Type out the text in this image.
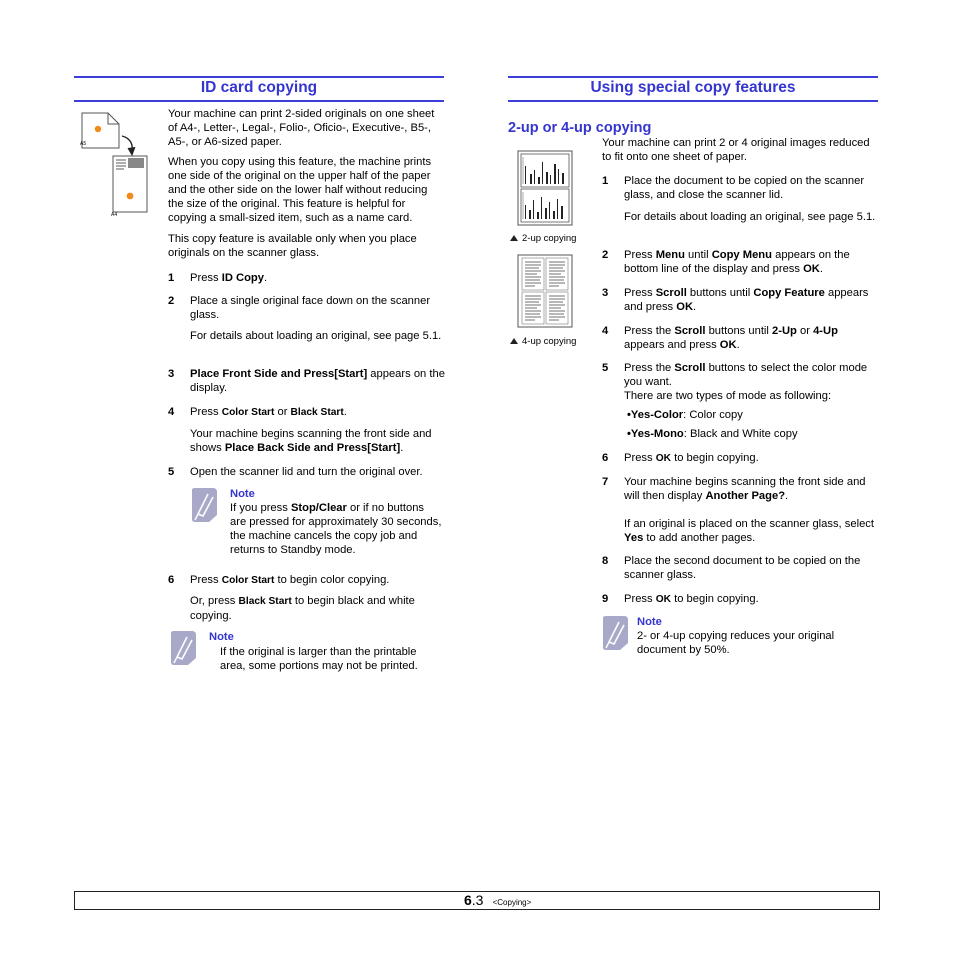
ID card copying
A5
A4

Your machine can print 2-sided originals on one sheet of A4-, Letter-, Legal-, Folio-, Oficio-, Executive-, B5-, A5-, or A6-sized paper.

When you copy using this feature, the machine prints one side of the original on the upper half of the paper and the other side on the lower half without reducing the size of the original. This feature is helpful for copying a small-sized item, such as a name card.

This copy feature is available only when you place originals on the scanner glass.

1 Press ID Copy.

2 Place a single original face down on the scanner glass.

For details about loading an original, see page 5.1.

3 Place Front Side and Press[Start] appears on the display.

4 Press Color Start or Black Start.

Your machine begins scanning the front side and shows Place Back Side and Press[Start].

5 Open the scanner lid and turn the original over.

Note

If you press Stop/Clear or if no buttons are pressed for approximately 30 seconds, the machine cancels the copy job and returns to Standby mode.

6 Press Color Start to begin color copying.

Or, press Black Start to begin black and white copying.

Note

If the original is larger than the printable area, some portions may not be printed.

Using special copy features
2-up or 4-up copying
2-up copying
4-up copying

Your machine can print 2 or 4 original images reduced to fit onto one sheet of paper.

1 Place the document to be copied on the scanner glass, and close the scanner lid.

For details about loading an original, see page 5.1.

2 Press Menu until Copy Menu appears on the bottom line of the display and press OK.

3 Press Scroll buttons until Copy Feature appears and press OK.

4 Press the Scroll buttons until 2-Up or 4-Up appears and press OK.

5 Press the Scroll buttons to select the color mode you want.

There are two types of mode as following:

•Yes-Color: Color copy

•Yes-Mono: Black and White copy

6 Press OK to begin copying.

7 Your machine begins scanning the front side and will then display Another Page?.

If an original is placed on the scanner glass, select Yes to add another pages.

8 Place the second document to be copied on the scanner glass.

9 Press OK to begin copying.

Note

2- or 4-up copying reduces your original document by 50%.

6.3 <Copying>
